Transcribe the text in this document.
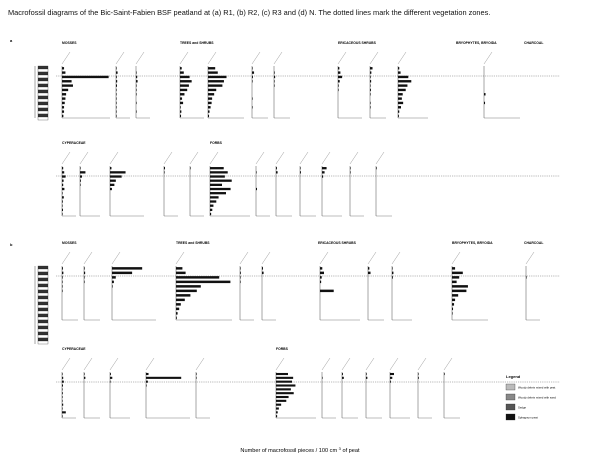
Macrofossil diagrams of the Bic-Saint-Fabien BSF peatland at (a) R1, (b) R2, (c) R3 and (d) N. The dotted lines mark the different vegetation zones.
a	MOSSES	TREES and SHRUBS	ERICACEOUS SHRUBS	BRYOPHYTES, BRYOIDA	CHARCOAL
CYPERACEAE	FORBS
b	MOSSES	TREES and SHRUBS	ERICACEOUS SHRUBS	BRYOPHYTES, BRYOIDA	CHARCOAL
CYPERACEAE	FORBS
Legend
Woody debris mixed with peat
Woody debris mixed with sand
Sedge
Sphagnum peat
Number of macrofossil pieces / 100 cm $^3$ of peat
